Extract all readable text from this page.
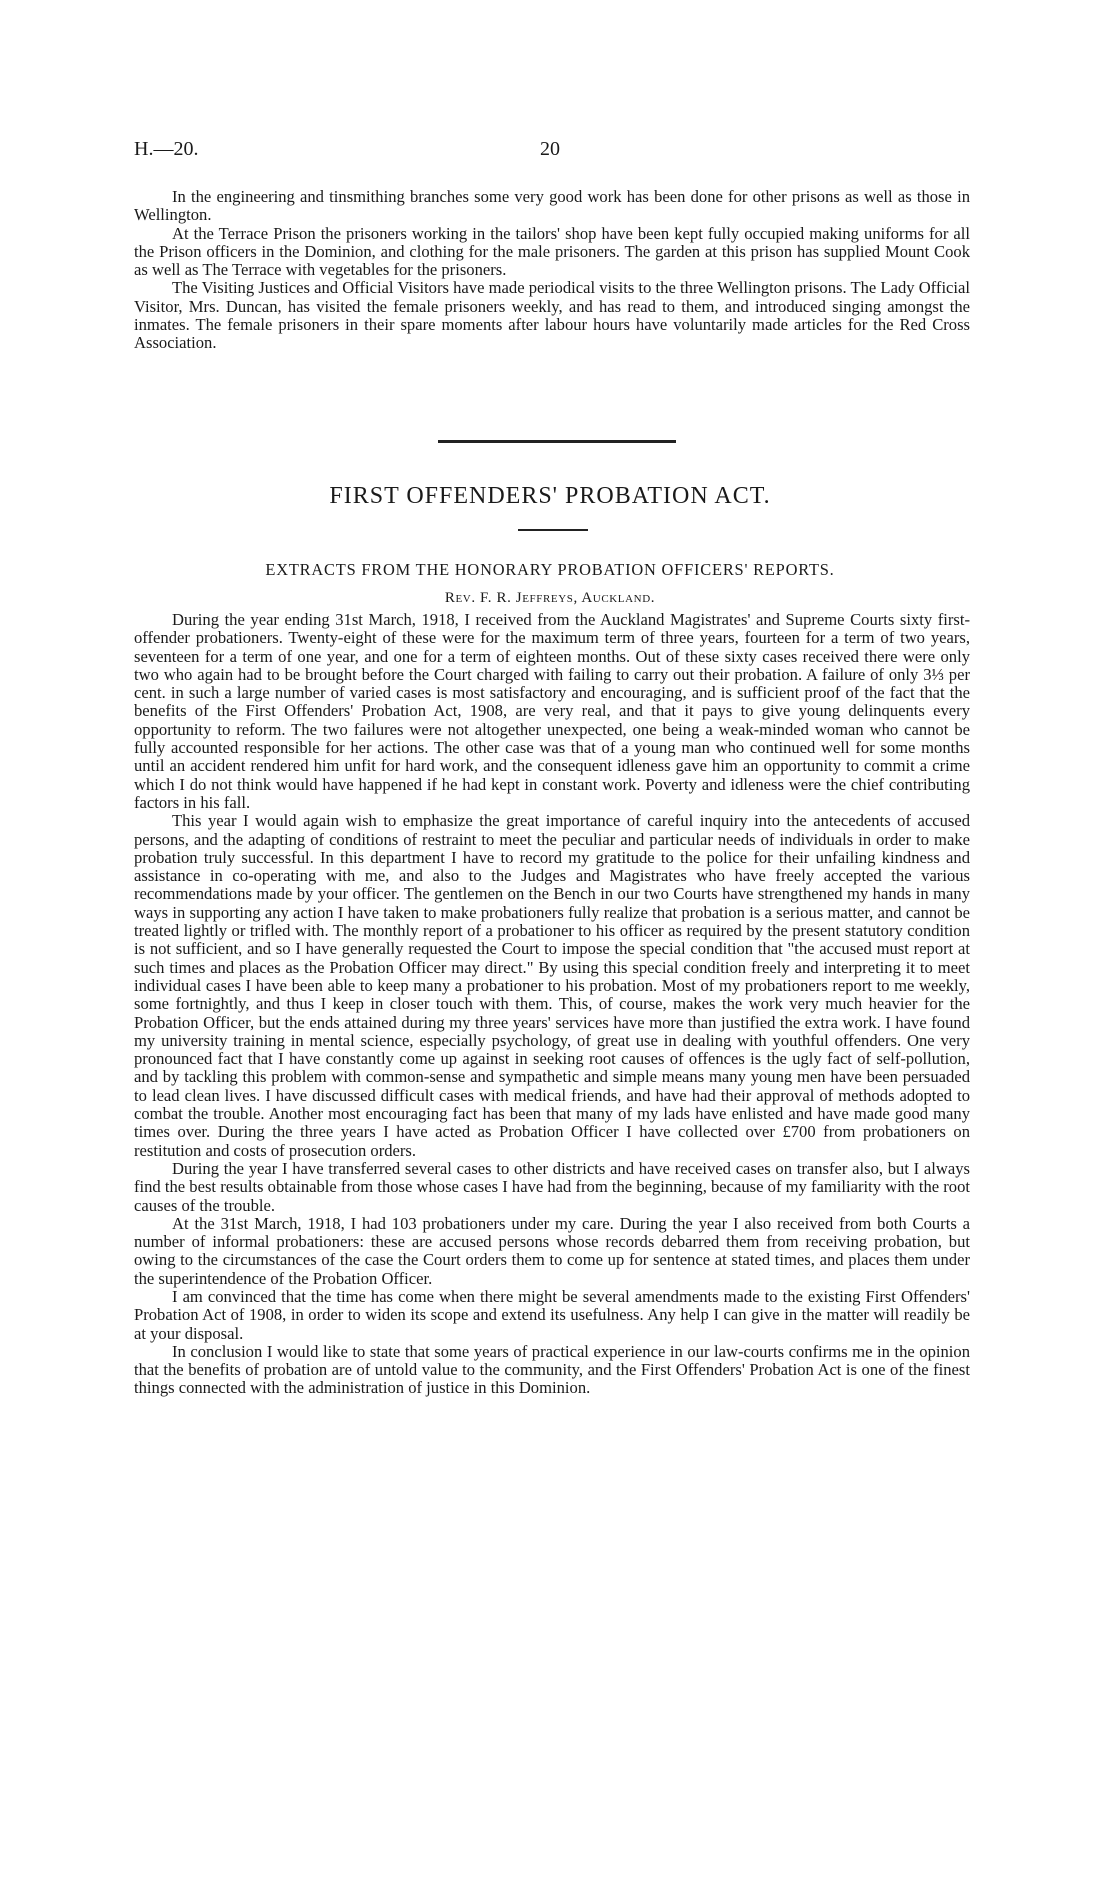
H.—20.	20

In the engineering and tinsmithing branches some very good work has been done for other prisons as well as those in Wellington.

At the Terrace Prison the prisoners working in the tailors' shop have been kept fully occupied making uniforms for all the Prison officers in the Dominion, and clothing for the male prisoners. The garden at this prison has supplied Mount Cook as well as The Terrace with vegetables for the prisoners.

The Visiting Justices and Official Visitors have made periodical visits to the three Wellington prisons. The Lady Official Visitor, Mrs. Duncan, has visited the female prisoners weekly, and has read to them, and introduced singing amongst the inmates. The female prisoners in their spare moments after labour hours have voluntarily made articles for the Red Cross Association.

FIRST OFFENDERS' PROBATION ACT.
EXTRACTS FROM THE HONORARY PROBATION OFFICERS' REPORTS.
Rev. F. R. Jeffreys, Auckland.

During the year ending 31st March, 1918, I received from the Auckland Magistrates' and Supreme Courts sixty first-offender probationers. Twenty-eight of these were for the maximum term of three years, fourteen for a term of two years, seventeen for a term of one year, and one for a term of eighteen months. Out of these sixty cases received there were only two who again had to be brought before the Court charged with failing to carry out their probation. A failure of only 3⅓ per cent. in such a large number of varied cases is most satisfactory and encouraging, and is sufficient proof of the fact that the benefits of the First Offenders' Probation Act, 1908, are very real, and that it pays to give young delinquents every opportunity to reform. The two failures were not altogether unexpected, one being a weak-minded woman who cannot be fully accounted responsible for her actions. The other case was that of a young man who continued well for some months until an accident rendered him unfit for hard work, and the consequent idleness gave him an opportunity to commit a crime which I do not think would have happened if he had kept in constant work. Poverty and idleness were the chief contributing factors in his fall.

This year I would again wish to emphasize the great importance of careful inquiry into the antecedents of accused persons, and the adapting of conditions of restraint to meet the peculiar and particular needs of individuals in order to make probation truly successful. In this department I have to record my gratitude to the police for their unfailing kindness and assistance in co-operating with me, and also to the Judges and Magistrates who have freely accepted the various recommendations made by your officer. The gentlemen on the Bench in our two Courts have strengthened my hands in many ways in supporting any action I have taken to make probationers fully realize that probation is a serious matter, and cannot be treated lightly or trifled with. The monthly report of a probationer to his officer as required by the present statutory condition is not sufficient, and so I have generally requested the Court to impose the special condition that "the accused must report at such times and places as the Probation Officer may direct." By using this special condition freely and interpreting it to meet individual cases I have been able to keep many a probationer to his probation. Most of my probationers report to me weekly, some fortnightly, and thus I keep in closer touch with them. This, of course, makes the work very much heavier for the Probation Officer, but the ends attained during my three years' services have more than justified the extra work. I have found my university training in mental science, especially psychology, of great use in dealing with youthful offenders. One very pronounced fact that I have constantly come up against in seeking root causes of offences is the ugly fact of self-pollution, and by tackling this problem with common-sense and sympathetic and simple means many young men have been persuaded to lead clean lives. I have discussed difficult cases with medical friends, and have had their approval of methods adopted to combat the trouble. Another most encouraging fact has been that many of my lads have enlisted and have made good many times over. During the three years I have acted as Probation Officer I have collected over £700 from probationers on restitution and costs of prosecution orders.

During the year I have transferred several cases to other districts and have received cases on transfer also, but I always find the best results obtainable from those whose cases I have had from the beginning, because of my familiarity with the root causes of the trouble.

At the 31st March, 1918, I had 103 probationers under my care. During the year I also received from both Courts a number of informal probationers: these are accused persons whose records debarred them from receiving probation, but owing to the circumstances of the case the Court orders them to come up for sentence at stated times, and places them under the superintendence of the Probation Officer.

I am convinced that the time has come when there might be several amendments made to the existing First Offenders' Probation Act of 1908, in order to widen its scope and extend its usefulness. Any help I can give in the matter will readily be at your disposal.

In conclusion I would like to state that some years of practical experience in our law-courts confirms me in the opinion that the benefits of probation are of untold value to the community, and the First Offenders' Probation Act is one of the finest things connected with the administration of justice in this Dominion.
